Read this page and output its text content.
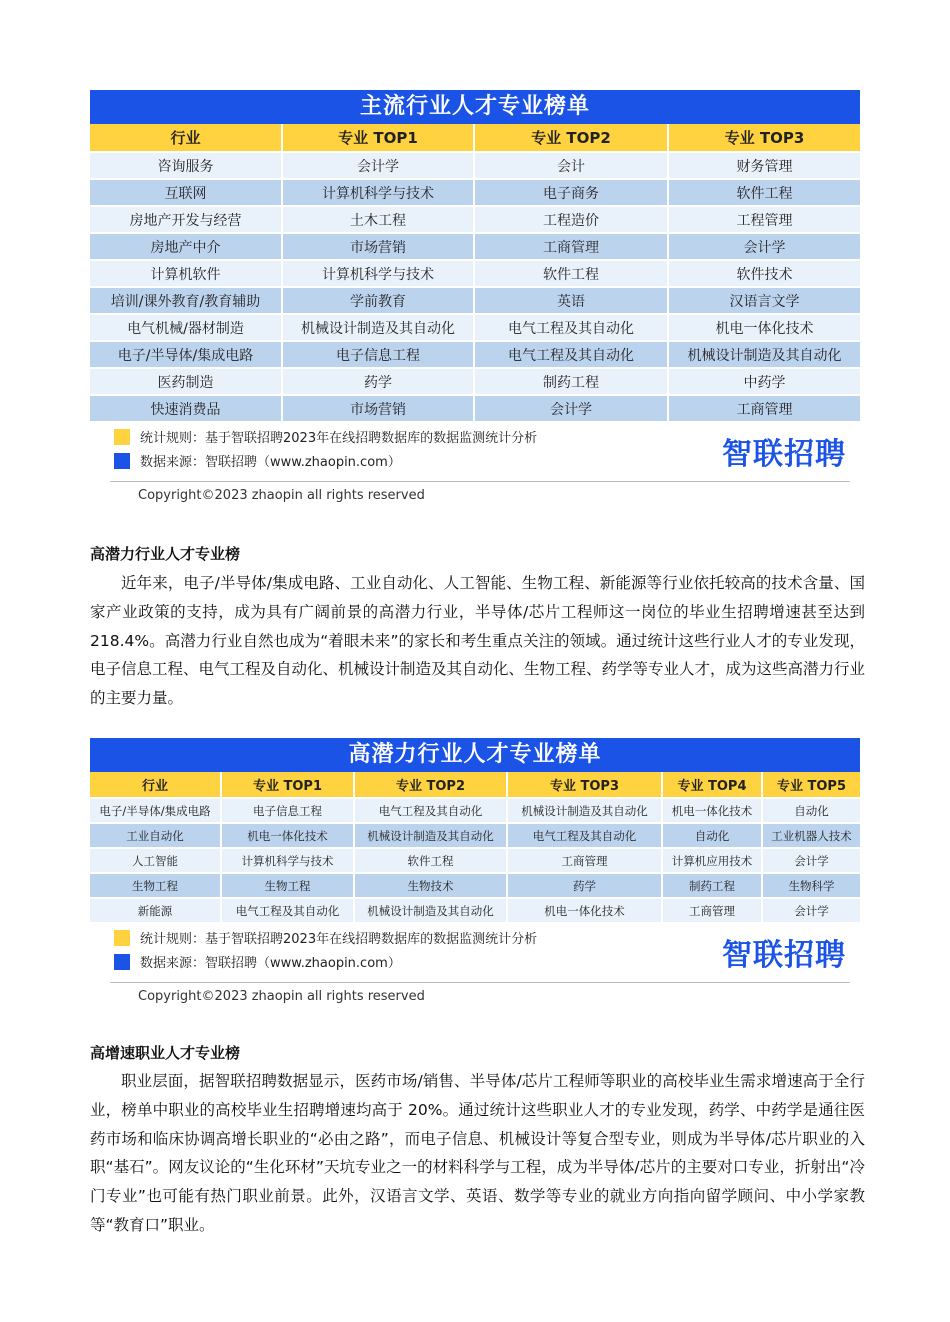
主流行业人才专业榜单
行业	专业 TOP1	专业 TOP2	专业 TOP3
咨询服务	会计学	会计	财务管理
互联网	计算机科学与技术	电子商务	软件工程
房地产开发与经营	土木工程	工程造价	工程管理
房地产中介	市场营销	工商管理	会计学
计算机软件	计算机科学与技术	软件工程	软件技术
培训/课外教育/教育辅助	学前教育	英语	汉语言文学
电气机械/器材制造	机械设计制造及其自动化	电气工程及其自动化	机电一体化技术
电子/半导体/集成电路	电子信息工程	电气工程及其自动化	机械设计制造及其自动化
医药制造	药学	制药工程	中药学
快速消费品	市场营销	会计学	工商管理
统计规则：基于智联招聘2023年在线招聘数据库的数据监测统计分析
数据来源：智联招聘（www.zhaopin.com）	智联招聘
Copyright©2023 zhaopin all rights reserved
高潜力行业人才专业榜

近年来，电子/半导体/集成电路、工业自动化、人工智能、生物工程、新能源等行业依托较高的技术含量、国家产业政策的支持，成为具有广阔前景的高潜力行业，半导体/芯片工程师这一岗位的毕业生招聘增速甚至达到 218.4%。高潜力行业自然也成为“着眼未来”的家长和考生重点关注的领域。通过统计这些行业人才的专业发现，电子信息工程、电气工程及自动化、机械设计制造及其自动化、生物工程、药学等专业人才，成为这些高潜力行业的主要力量。

高潜力行业人才专业榜单
行业	专业 TOP1	专业 TOP2	专业 TOP3	专业 TOP4	专业 TOP5
电子/半导体/集成电路	电子信息工程	电气工程及其自动化	机械设计制造及其自动化	机电一体化技术	自动化
工业自动化	机电一体化技术	机械设计制造及其自动化	电气工程及其自动化	自动化	工业机器人技术
人工智能	计算机科学与技术	软件工程	工商管理	计算机应用技术	会计学
生物工程	生物工程	生物技术	药学	制药工程	生物科学
新能源	电气工程及其自动化	机械设计制造及其自动化	机电一体化技术	工商管理	会计学
统计规则：基于智联招聘2023年在线招聘数据库的数据监测统计分析
数据来源：智联招聘（www.zhaopin.com）	智联招聘
Copyright©2023 zhaopin all rights reserved
高增速职业人才专业榜

职业层面，据智联招聘数据显示，医药市场/销售、半导体/芯片工程师等职业的高校毕业生需求增速高于全行业，榜单中职业的高校毕业生招聘增速均高于 20%。通过统计这些职业人才的专业发现，药学、中药学是通往医药市场和临床协调高增长职业的“必由之路”，而电子信息、机械设计等复合型专业，则成为半导体/芯片职业的入职“基石”。网友议论的“生化环材”天坑专业之一的材料科学与工程，成为半导体/芯片的主要对口专业，折射出“冷门专业”也可能有热门职业前景。此外，汉语言文学、英语、数学等专业的就业方向指向留学顾问、中小学家教等“教育口”职业。
